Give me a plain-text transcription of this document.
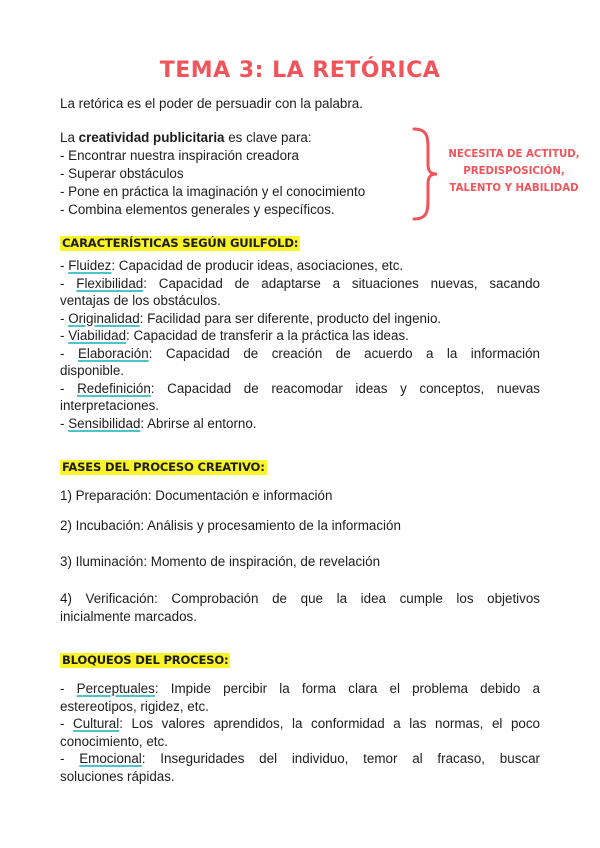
TEMA 3: LA RETÓRICA
La retórica es el poder de persuadir con la palabra.
La creatividad publicitaria es clave para:
- Encontrar nuestra inspiración creadora
- Superar obstáculos
- Pone en práctica la imaginación y el conocimiento
- Combina elementos generales y específicos.
NECESITA DE ACTITUD,
PREDISPOSICIÓN,
TALENTO Y HABILIDAD
CARACTERÍSTICAS SEGÚN GUILFOLD:
- Fluidez: Capacidad de producir ideas, asociaciones, etc.
- Flexibilidad: Capacidad de adaptarse a situaciones nuevas, sacando
ventajas de los obstáculos.
- Originalidad: Facilidad para ser diferente, producto del ingenio.
- Viabilidad: Capacidad de transferir a la práctica las ideas.
- Elaboración: Capacidad de creación de acuerdo a la información
disponible.
- Redefinición: Capacidad de reacomodar ideas y conceptos, nuevas
interpretaciones.
- Sensibilidad: Abrirse al entorno.
FASES DEL PROCESO CREATIVO:
1) Preparación: Documentación e información
2) Incubación: Análisis y procesamiento de la información
3) Iluminación: Momento de inspiración, de revelación
4) Verificación: Comprobación de que la idea cumple los objetivos
inicialmente marcados.
BLOQUEOS DEL PROCESO:
- Perceptuales: Impide percibir la forma clara el problema debido a
estereotipos, rigidez, etc.
- Cultural: Los valores aprendidos, la conformidad a las normas, el poco
conocimiento, etc.
- Emocional: Inseguridades del individuo, temor al fracaso, buscar
soluciones rápidas.
